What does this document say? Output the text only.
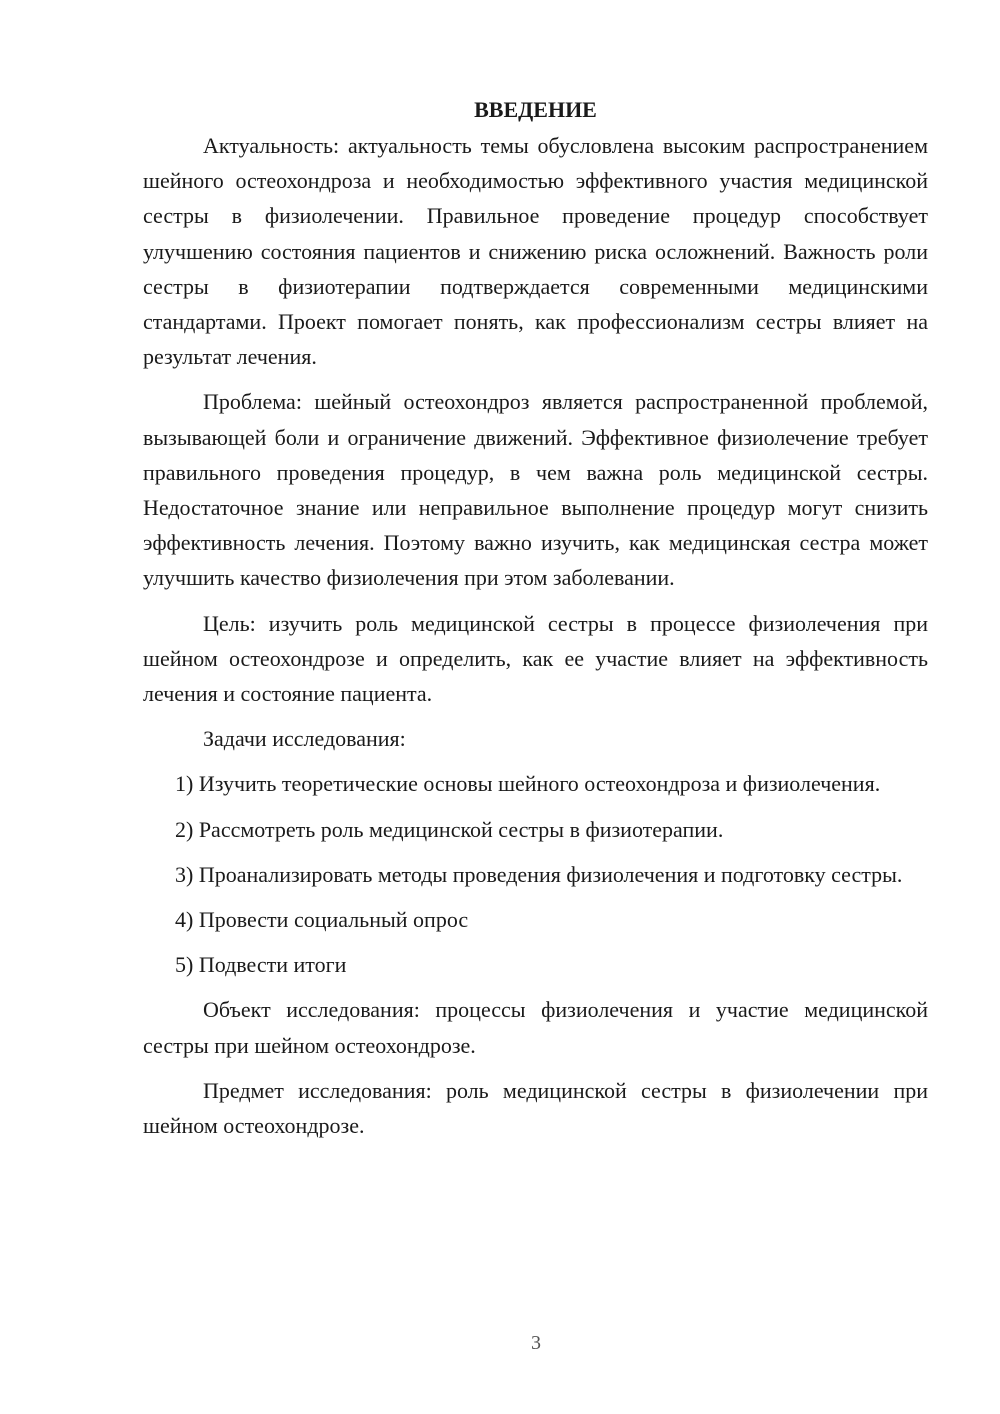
ВВЕДЕНИЕ

Актуальность: актуальность темы обусловлена высоким распространением шейного остеохондроза и необходимостью эффективного участия медицинской сестры в физиолечении. Правильное проведение процедур способствует улучшению состояния пациентов и снижению риска осложнений. Важность роли сестры в физиотерапии подтверждается современными медицинскими стандартами. Проект помогает понять, как профессионализм сестры влияет на результат лечения.

Проблема: шейный остеохондроз является распространенной проблемой, вызывающей боли и ограничение движений. Эффективное физиолечение требует правильного проведения процедур, в чем важна роль медицинской сестры. Недостаточное знание или неправильное выполнение процедур могут снизить эффективность лечения. Поэтому важно изучить, как медицинская сестра может улучшить качество физиолечения при этом заболевании.

Цель: изучить роль медицинской сестры в процессе физиолечения при шейном остеохондрозе и определить, как ее участие влияет на эффективность лечения и состояние пациента.

Задачи исследования:

1) Изучить теоретические основы шейного остеохондроза и физиолечения.

2) Рассмотреть роль медицинской сестры в физиотерапии.

3) Проанализировать методы проведения физиолечения и подготовку сестры.

4) Провести социальный опрос

5) Подвести итоги

Объект исследования: процессы физиолечения и участие медицинской сестры при шейном остеохондрозе.

Предмет исследования: роль медицинской сестры в физиолечении при шейном остеохондрозе.

3
